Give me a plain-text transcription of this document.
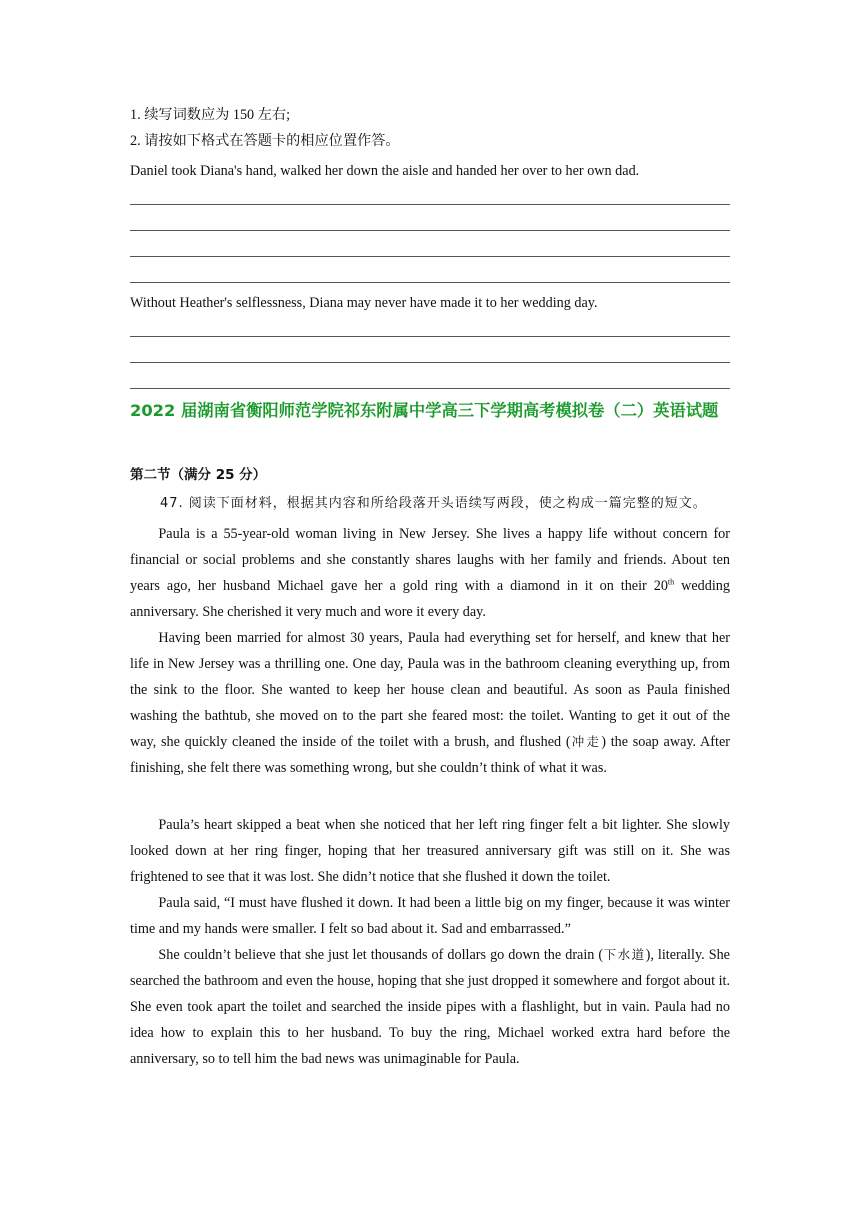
1. 续写词数应为 150 左右;
2. 请按如下格式在答题卡的相应位置作答。
Daniel took Diana's hand, walked her down the aisle and handed her over to her own dad.
Without Heather's selflessness, Diana may never have made it to her wedding day.
2022 届湖南省衡阳师范学院祁东附属中学高三下学期高考模拟卷（二）英语试题
第二节（满分 25 分）
47. 阅读下面材料，根据其内容和所给段落开头语续写两段，使之构成一篇完整的短文。
Paula is a 55-year-old woman living in New Jersey. She lives a happy life without concern for financial or social problems and she constantly shares laughs with her family and friends. About ten years ago, her husband Michael gave her a gold ring with a diamond in it on their 20th wedding anniversary. She cherished it very much and wore it every day.
Having been married for almost 30 years, Paula had everything set for herself, and knew that her life in New Jersey was a thrilling one. One day, Paula was in the bathroom cleaning everything up, from the sink to the floor. She wanted to keep her house clean and beautiful. As soon as Paula finished washing the bathtub, she moved on to the part she feared most: the toilet. Wanting to get it out of the way, she quickly cleaned the inside of the toilet with a brush, and flushed (冲走) the soap away. After finishing, she felt there was something wrong, but she couldn’t think of what it was.
Paula’s heart skipped a beat when she noticed that her left ring finger felt a bit lighter. She slowly looked down at her ring finger, hoping that her treasured anniversary gift was still on it. She was frightened to see that it was lost. She didn’t notice that she flushed it down the toilet.
Paula said, “I must have flushed it down. It had been a little big on my finger, because it was winter time and my hands were smaller. I felt so bad about it. Sad and embarrassed.”
She couldn’t believe that she just let thousands of dollars go down the drain (下水道), literally. She searched the bathroom and even the house, hoping that she just dropped it somewhere and forgot about it. She even took apart the toilet and searched the inside pipes with a flashlight, but in vain. Paula had no idea how to explain this to her husband. To buy the ring, Michael worked extra hard before the anniversary, so to tell him the bad news was unimaginable for Paula.
